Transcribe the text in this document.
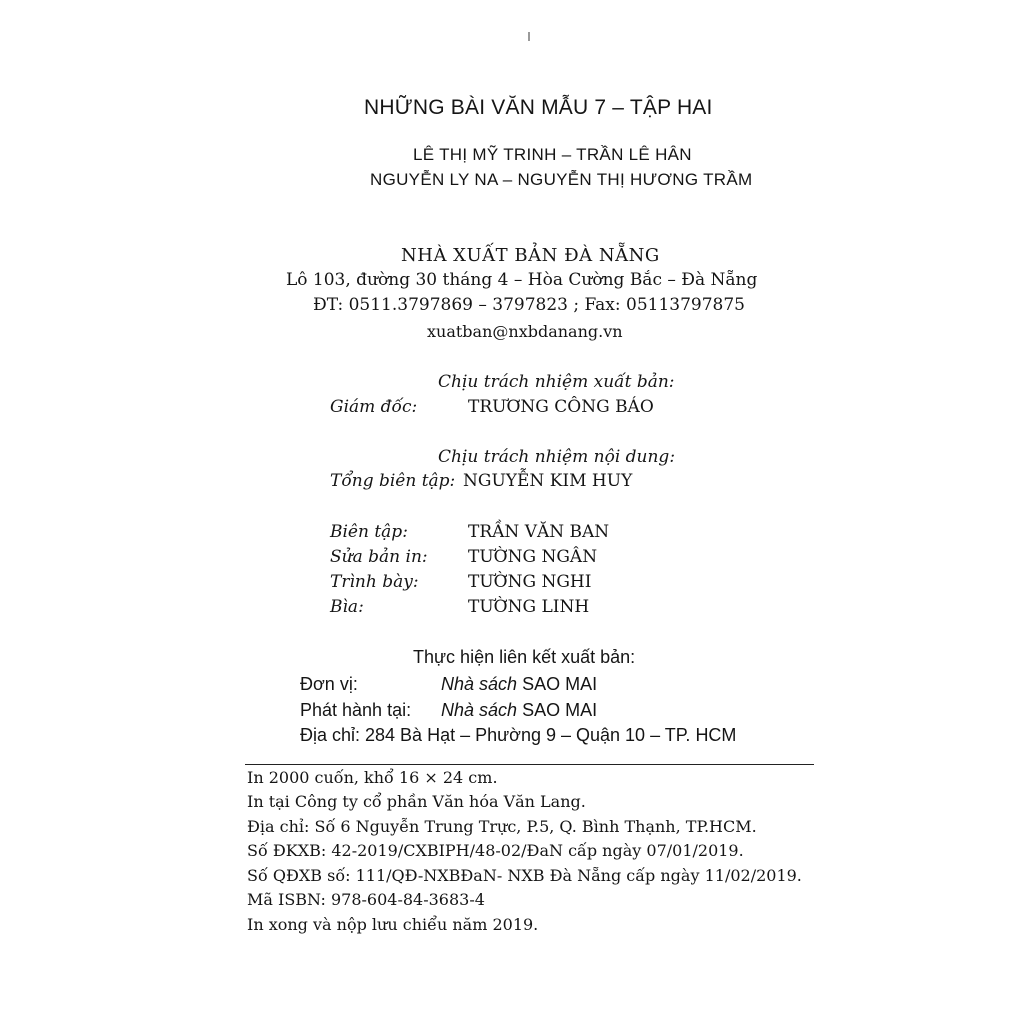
NHỮNG BÀI VĂN MẪU 7 – TẬP HAI
LÊ THỊ MỸ TRINH – TRẦN LÊ HÂN
NGUYỄN LY NA – NGUYỄN THỊ HƯƠNG TRẦM
NHÀ XUẤT BẢN ĐÀ NẴNG
Lô 103, đường 30 tháng 4 – Hòa Cường Bắc – Đà Nẵng
ĐT: 0511.3797869 – 3797823 ; Fax: 05113797875
xuatban@nxbdanang.vn
Chịu trách nhiệm xuất bản:
Giám đốc:	TRƯƠNG CÔNG BÁO
Chịu trách nhiệm nội dung:
Tổng biên tập: NGUYỄN KIM HUY
Biên tập:	TRẦN VĂN BAN
Sửa bản in: TƯỜNG NGÂN
Trình bày:	TƯỜNG NGHI
Bìa:	TƯỜNG LINH
Thực hiện liên kết xuất bản:
Đơn vị:	Nhà sách SAO MAI
Phát hành tại: Nhà sách SAO MAI
Địa chỉ: 284 Bà Hạt – Phường 9 – Quận 10 – TP. HCM
In 2000 cuốn, khổ 16 × 24 cm.
In tại Công ty cổ phần Văn hóa Văn Lang.
Địa chỉ: Số 6 Nguyễn Trung Trực, P.5, Q. Bình Thạnh, TP.HCM.
Số ĐKXB: 42-2019/CXBIPH/48-02/ĐaN cấp ngày 07/01/2019.
Số QĐXB số: 111/QĐ-NXBĐaN- NXB Đà Nẵng cấp ngày 11/02/2019.
Mã ISBN: 978-604-84-3683-4
In xong và nộp lưu chiểu năm 2019.
